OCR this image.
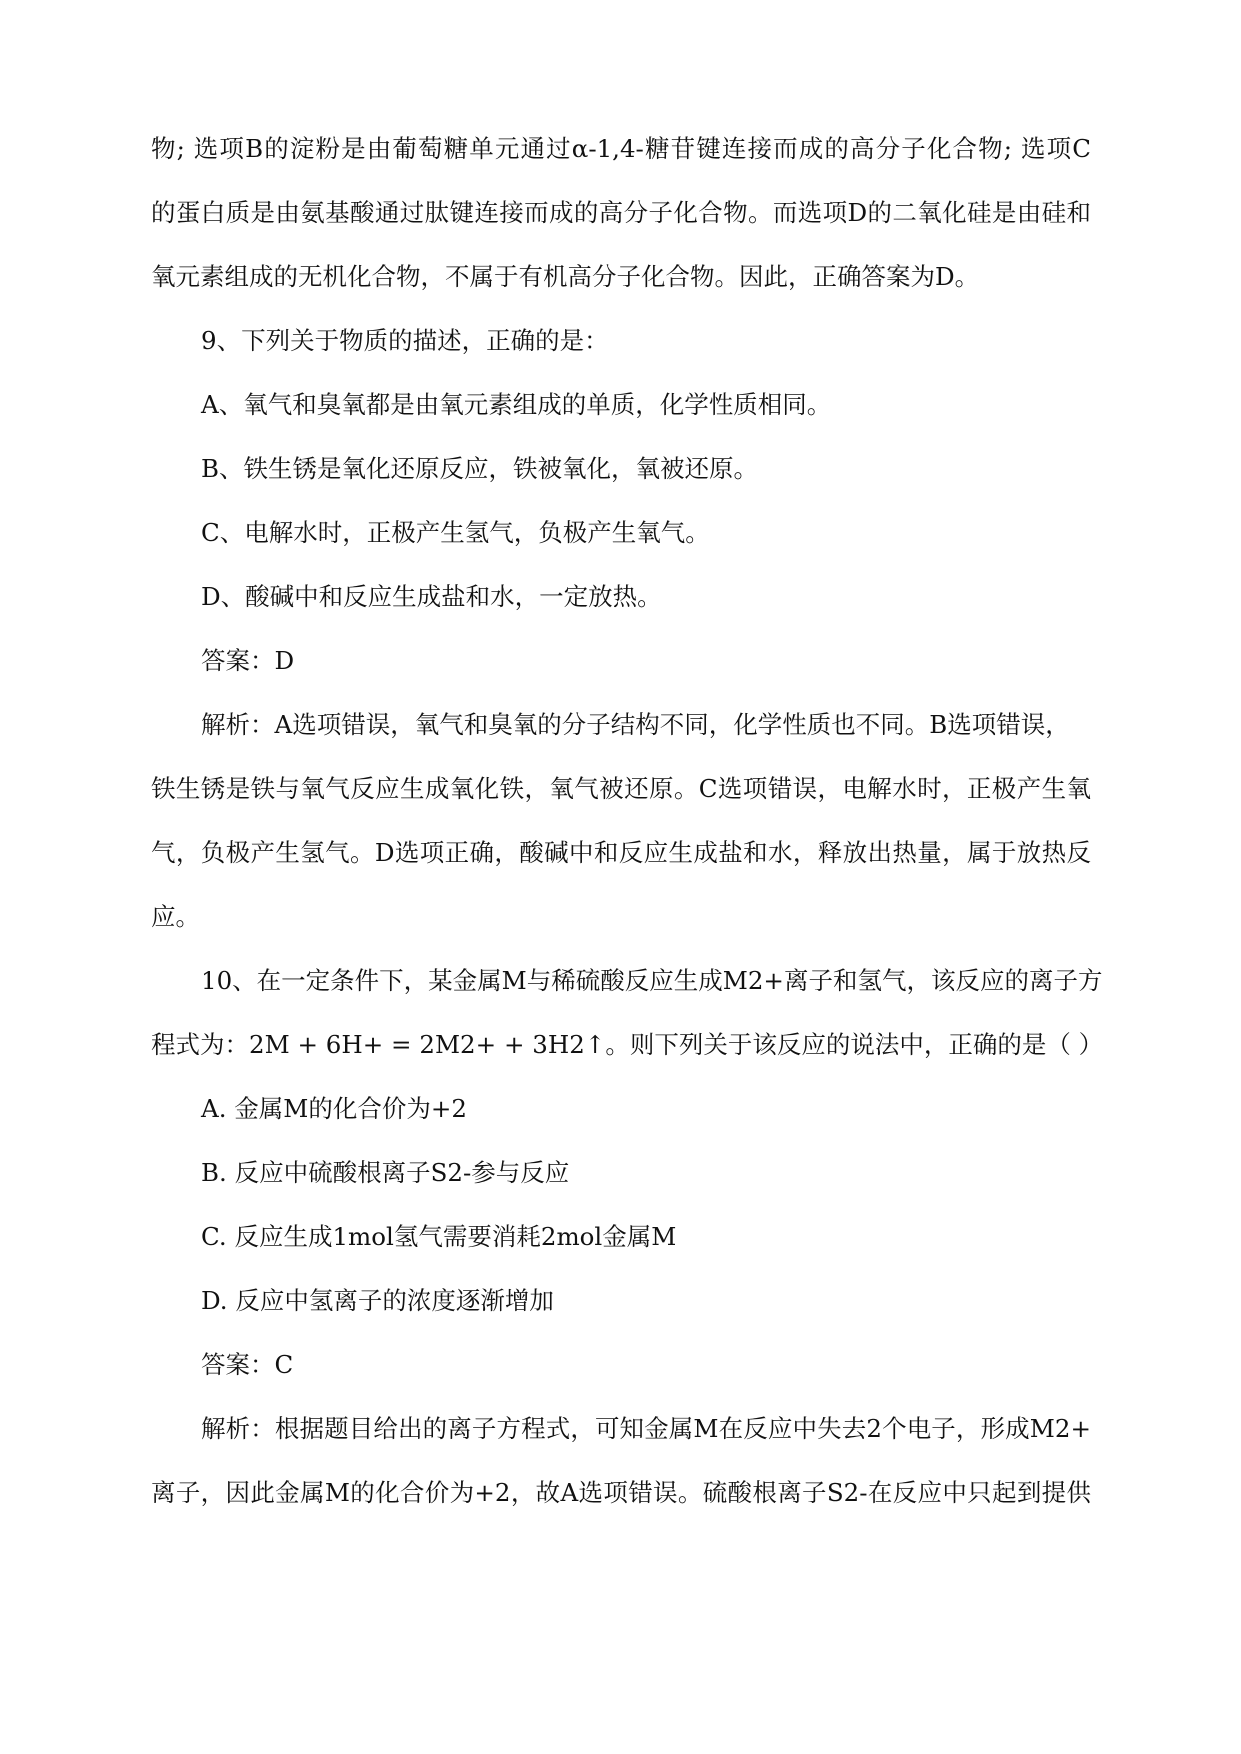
物; 选项B的淀粉是由葡萄糖单元通过α-1,4-糖苷键连接而成的高分子化合物; 选项C
的蛋白质是由氨基酸通过肽键连接而成的高分子化合物。而选项D的二氧化硅是由硅和
氧元素组成的无机化合物，不属于有机高分子化合物。因此，正确答案为D。
9、下列关于物质的描述，正确的是：
A、氧气和臭氧都是由氧元素组成的单质，化学性质相同。
B、铁生锈是氧化还原反应，铁被氧化，氧被还原。
C、电解水时，正极产生氢气，负极产生氧气。
D、酸碱中和反应生成盐和水，一定放热。
答案：D
解析：A选项错误，氧气和臭氧的分子结构不同，化学性质也不同。B选项错误，
铁生锈是铁与氧气反应生成氧化铁，氧气被还原。C选项错误，电解水时，正极产生氧
气，负极产生氢气。D选项正确，酸碱中和反应生成盐和水，释放出热量，属于放热反
应。
10、在一定条件下，某金属M与稀硫酸反应生成M2+离子和氢气，该反应的离子方
程式为：2M + 6H+ = 2M2+ + 3H2↑。则下列关于该反应的说法中，正确的是（ ）
A. 金属M的化合价为+2
B. 反应中硫酸根离子S2-参与反应
C. 反应生成1mol氢气需要消耗2mol金属M
D. 反应中氢离子的浓度逐渐增加
答案：C
解析：根据题目给出的离子方程式，可知金属M在反应中失去2个电子，形成M2+
离子，因此金属M的化合价为+2，故A选项错误。硫酸根离子S2-在反应中只起到提供
